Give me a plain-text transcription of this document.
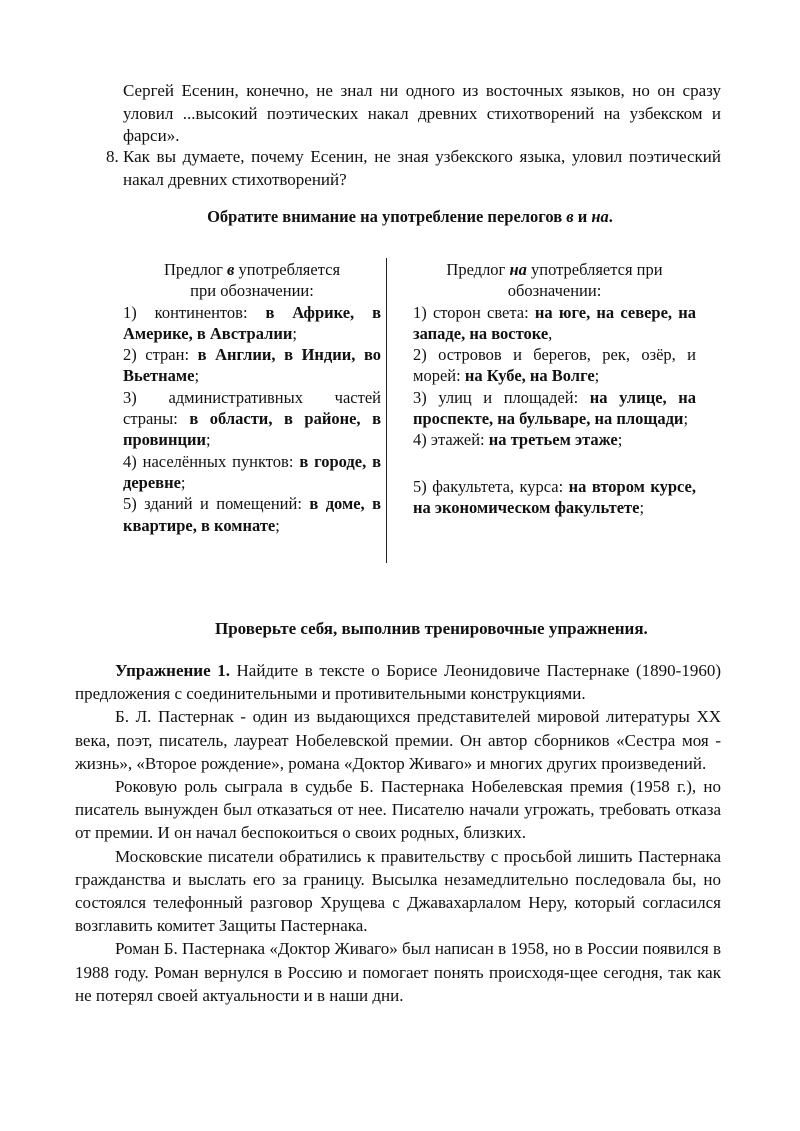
Сергей Есенин, конечно, не знал ни одного из восточных языков, но он сразу уловил ...высокий поэтических накал древних стихотворений на узбекском и фарси».
8. Как вы думаете, почему Есенин, не зная узбекского языка, уловил поэтический накал древних стихотворений?
Обратите внимание на употребление перелогов в и на.
Предлог в употребляется
при обозначении:

1) континентов: в Африке, в Америке, в Австралии;

2) стран: в Англии, в Индии, во Вьетнаме;

3) административных частей страны: в области, в районе, в провинции;

4) населённых пунктов: в городе, в деревне;

5) зданий и помещений: в доме, в квартире, в комнате;

Предлог на употребляется при
обозначении:

1) сторон света: на юге, на севере, на западе, на востоке,

2) островов и берегов, рек, озёр, и морей: на Кубе, на Волге;

3) улиц и площадей: на улице, на проспекте, на бульваре, на площади;

4) этажей: на третьем этаже;

5) факультета, курса: на втором курсе, на экономическом факультете;

Проверьте себя, выполнив тренировочные упражнения.

Упражнение 1. Найдите в тексте о Борисе Леонидовиче Пастернаке (1890-1960) предложения с соединительными и противительными конструкциями.

Б. Л. Пастернак - один из выдающихся представителей мировой литературы XX века, поэт, писатель, лауреат Нобелевской премии. Он автор сборников «Сестра моя - жизнь», «Второе рождение», романа «Доктор Живаго» и многих других произведений.

Роковую роль сыграла в судьбе Б. Пастернака Нобелевская премия (1958 г.), но писатель вынужден был отказаться от нее. Писателю начали угрожать, требовать отказа от премии. И он начал беспокоиться о своих родных, близких.

Московские писатели обратились к правительству с просьбой лишить Пастернака гражданства и выслать его за границу. Высылка незамедлительно последовала бы, но состоялся телефонный разговор Хрущева с Джавахарлалом Неру, который согласился возглавить комитет Защиты Пастернака.

Роман Б. Пастернака «Доктор Живаго» был написан в 1958, но в России появился в 1988 году. Роман вернулся в Россию и помогает понять происходя-щее сегодня, так как не потерял своей актуальности и в наши дни.
